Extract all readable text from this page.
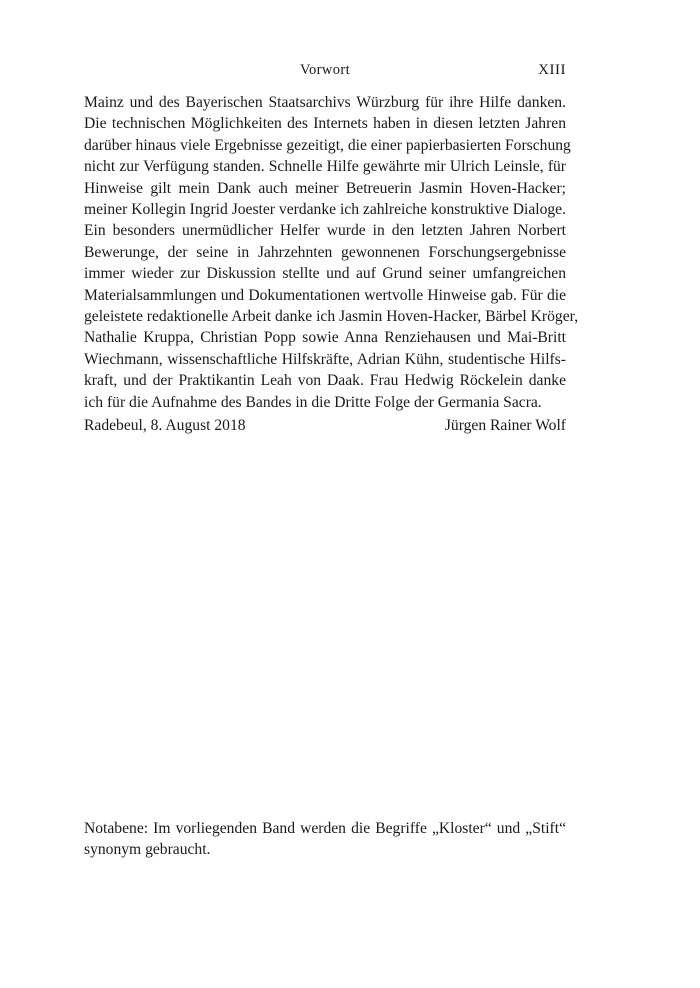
Vorwort	XIII
Mainz und des Bayerischen Staatsarchivs Würzburg für ihre Hilfe danken.
Die technischen Möglichkeiten des Internets haben in diesen letzten Jahren
darüber hinaus viele Ergebnisse gezeitigt, die einer papierbasierten Forschung
nicht zur Verfügung standen. Schnelle Hilfe gewährte mir Ulrich Leinsle, für
Hinweise gilt mein Dank auch meiner Betreuerin Jasmin Hoven-Hacker;
meiner Kollegin Ingrid Joester verdanke ich zahlreiche konstruktive Dialoge.
Ein besonders unermüdlicher Helfer wurde in den letzten Jahren Norbert
Bewerunge, der seine in Jahrzehnten gewonnenen Forschungsergebnisse
immer wieder zur Diskussion stellte und auf Grund seiner umfangreichen
Materialsammlungen und Dokumentationen wertvolle Hinweise gab. Für die
geleistete redaktionelle Arbeit danke ich Jasmin Hoven-Hacker, Bärbel Kröger,
Nathalie Kruppa, Christian Popp sowie Anna Renziehausen und Mai-Britt
Wiechmann, wissenschaftliche Hilfskräfte, Adrian Kühn, studentische Hilfs-
kraft, und der Praktikantin Leah von Daak. Frau Hedwig Röckelein danke
ich für die Aufnahme des Bandes in die Dritte Folge der Germania Sacra.
Radebeul, 8. August 2018	Jürgen Rainer Wolf
Notabene: Im vorliegenden Band werden die Begriffe „Kloster“ und „Stift“
synonym gebraucht.
